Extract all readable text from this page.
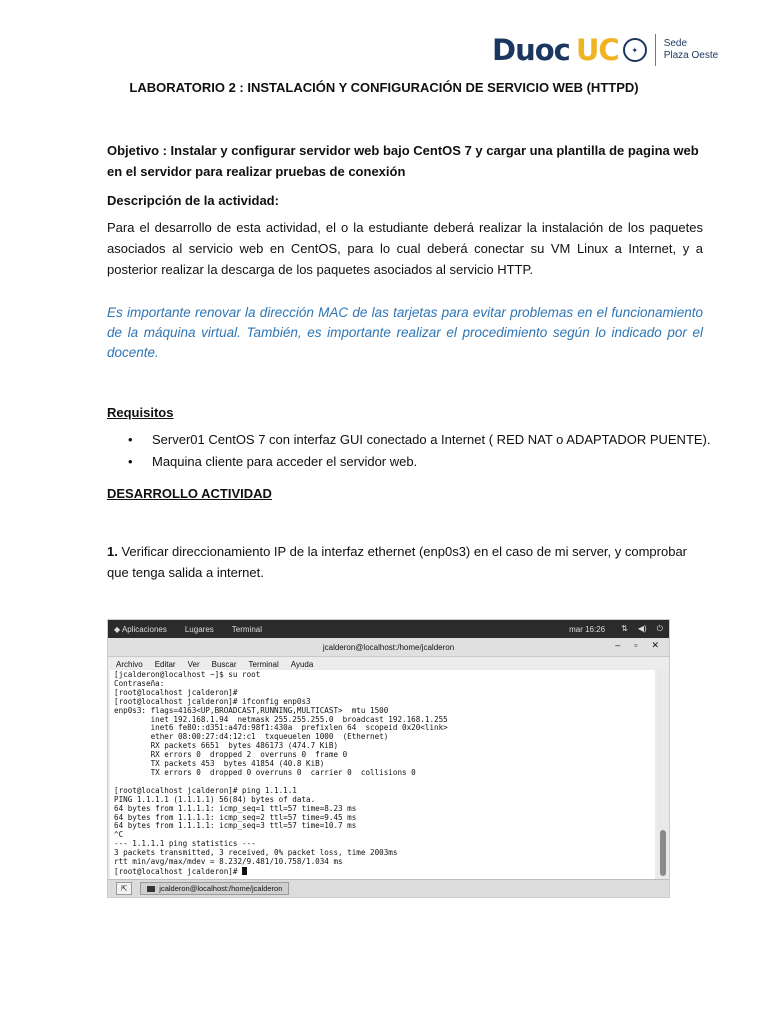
Duoc UC	✦
Sede
Plaza Oeste
LABORATORIO 2 : INSTALACIÓN Y CONFIGURACIÓN DE SERVICIO WEB (HTTPD)
Objetivo : Instalar y configurar servidor web bajo CentOS 7 y cargar una plantilla de pagina web en el servidor para realizar pruebas de conexión
Descripción de la actividad:
Para el desarrollo de esta actividad, el o la estudiante deberá realizar la instalación de los paquetes asociados al servicio web en CentOS, para lo cual deberá conectar su VM Linux a Internet, y a posterior realizar la descarga de los paquetes asociados al servicio HTTP.
Es importante renovar la dirección MAC de las tarjetas para evitar problemas en el funcionamiento de la máquina virtual. También, es importante realizar el procedimiento según lo indicado por el docente.
Requisitos
• Server01 CentOS 7 con interfaz GUI conectado a Internet ( RED NAT o ADAPTADOR PUENTE).
• Maquina cliente para acceder el servidor web.
DESARROLLO ACTIVIDAD
1. Verificar direccionamiento IP de la interfaz ethernet (enp0s3) en el caso de mi server, y comprobar que tenga salida a internet.
◆ Aplicaciones Lugares Terminal	mar 16:26 ⇅ ◀) ⏻
jcalderon@localhost:/home/jcalderon	– ▫ ✕
Archivo Editar Ver Buscar Terminal Ayuda
[jcalderon@localhost ~]$ su root
Contraseña:
[root@localhost jcalderon]#
[root@localhost jcalderon]# ifconfig enp0s3
enp0s3: flags=4163<UP,BROADCAST,RUNNING,MULTICAST>  mtu 1500
inet 192.168.1.94  netmask 255.255.255.0  broadcast 192.168.1.255
inet6 fe80::d351:a47d:98f1:430a  prefixlen 64  scopeid 0x20<link>
ether 08:00:27:d4:12:c1  txqueuelen 1000  (Ethernet)
RX packets 6651  bytes 486173 (474.7 KiB)
RX errors 0  dropped 2  overruns 0  frame 0
TX packets 453  bytes 41854 (40.8 KiB)
TX errors 0  dropped 0 overruns 0  carrier 0  collisions 0

[root@localhost jcalderon]# ping 1.1.1.1
PING 1.1.1.1 (1.1.1.1) 56(84) bytes of data.
64 bytes from 1.1.1.1: icmp_seq=1 ttl=57 time=8.23 ms
64 bytes from 1.1.1.1: icmp_seq=2 ttl=57 time=9.45 ms
64 bytes from 1.1.1.1: icmp_seq=3 ttl=57 time=10.7 ms
^C
--- 1.1.1.1 ping statistics ---
3 packets transmitted, 3 received, 0% packet loss, time 2003ms
rtt min/avg/max/mdev = 8.232/9.481/10.758/1.034 ms
[root@localhost jcalderon]#
⇱	jcalderon@localhost:/home/jcalderon
